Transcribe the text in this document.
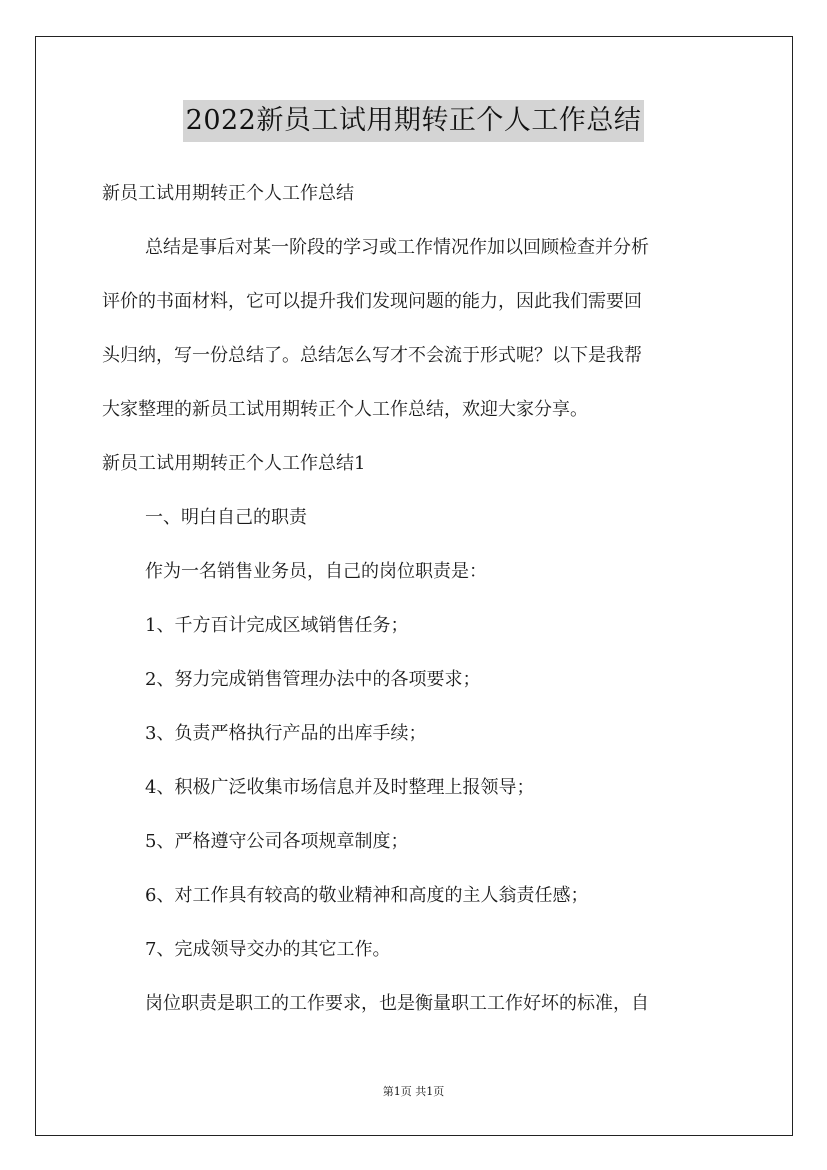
2022新员工试用期转正个人工作总结
新员工试用期转正个人工作总结
总结是事后对某一阶段的学习或工作情况作加以回顾检查并分析
评价的书面材料，它可以提升我们发现问题的能力，因此我们需要回
头归纳，写一份总结了。总结怎么写才不会流于形式呢？以下是我帮
大家整理的新员工试用期转正个人工作总结，欢迎大家分享。
新员工试用期转正个人工作总结1
一、明白自己的职责
作为一名销售业务员，自己的岗位职责是：
1、千方百计完成区域销售任务；
2、努力完成销售管理办法中的各项要求；
3、负责严格执行产品的出库手续；
4、积极广泛收集市场信息并及时整理上报领导；
5、严格遵守公司各项规章制度；
6、对工作具有较高的敬业精神和高度的主人翁责任感；
7、完成领导交办的其它工作。
岗位职责是职工的工作要求，也是衡量职工工作好坏的标准，自
第1页 共1页
